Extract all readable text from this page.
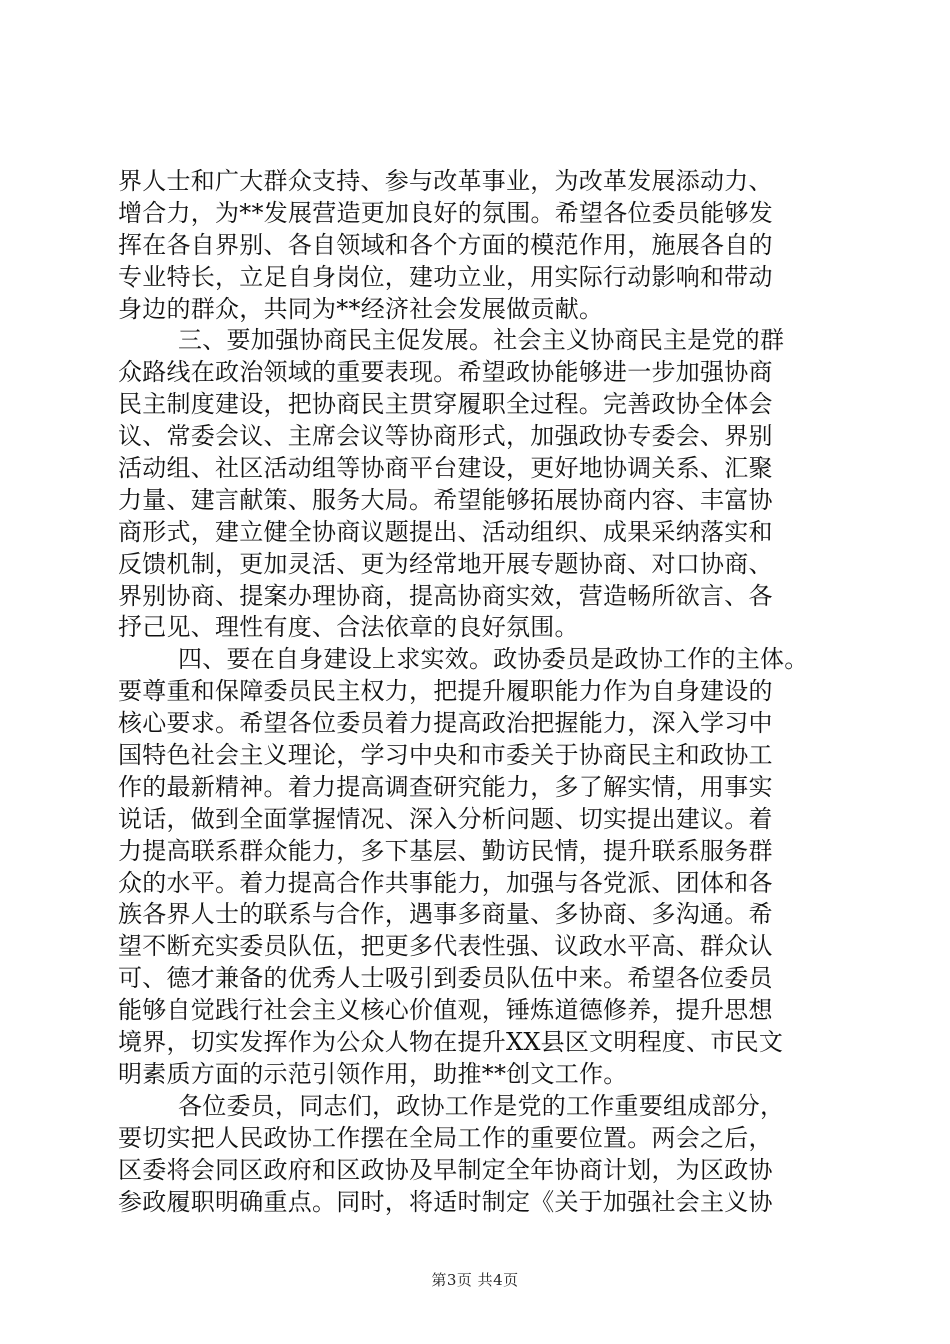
界人士和广大群众支持、参与改革事业，为改革发展添动力、
增合力，为**发展营造更加良好的氛围。希望各位委员能够发
挥在各自界别、各自领域和各个方面的模范作用，施展各自的
专业特长，立足自身岗位，建功立业，用实际行动影响和带动
身边的群众，共同为**经济社会发展做贡献。
三、要加强协商民主促发展。社会主义协商民主是党的群
众路线在政治领域的重要表现。希望政协能够进一步加强协商
民主制度建设，把协商民主贯穿履职全过程。完善政协全体会
议、常委会议、主席会议等协商形式，加强政协专委会、界别
活动组、社区活动组等协商平台建设，更好地协调关系、汇聚
力量、建言献策、服务大局。希望能够拓展协商内容、丰富协
商形式，建立健全协商议题提出、活动组织、成果采纳落实和
反馈机制，更加灵活、更为经常地开展专题协商、对口协商、
界别协商、提案办理协商，提高协商实效，营造畅所欲言、各
抒己见、理性有度、合法依章的良好氛围。
四、要在自身建设上求实效。政协委员是政协工作的主体。
要尊重和保障委员民主权力，把提升履职能力作为自身建设的
核心要求。希望各位委员着力提高政治把握能力，深入学习中
国特色社会主义理论，学习中央和市委关于协商民主和政协工
作的最新精神。着力提高调查研究能力，多了解实情，用事实
说话，做到全面掌握情况、深入分析问题、切实提出建议。着
力提高联系群众能力，多下基层、勤访民情，提升联系服务群
众的水平。着力提高合作共事能力，加强与各党派、团体和各
族各界人士的联系与合作，遇事多商量、多协商、多沟通。希
望不断充实委员队伍，把更多代表性强、议政水平高、群众认
可、德才兼备的优秀人士吸引到委员队伍中来。希望各位委员
能够自觉践行社会主义核心价值观，锤炼道德修养，提升思想
境界，切实发挥作为公众人物在提升XX县区文明程度、市民文
明素质方面的示范引领作用，助推**创文工作。
各位委员，同志们，政协工作是党的工作重要组成部分，
要切实把人民政协工作摆在全局工作的重要位置。两会之后，
区委将会同区政府和区政协及早制定全年协商计划，为区政协
参政履职明确重点。同时，将适时制定《关于加强社会主义协
第3页 共4页
